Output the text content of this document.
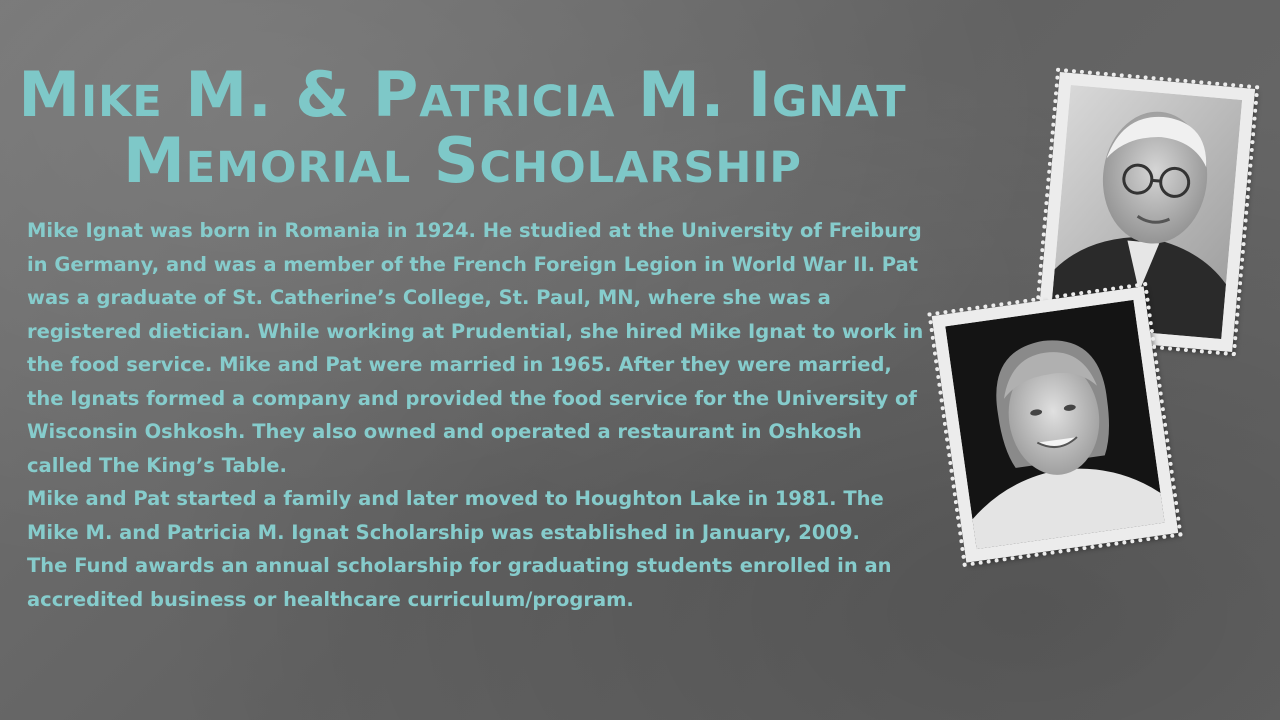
Mike M. & Patricia M. Ignat
Memorial Scholarship

Mike Ignat was born in Romania in 1924. He studied at the University of Freiburg in Germany, and was a member of the French Foreign Legion in World War II. Pat was a graduate of St. Catherine’s College, St. Paul, MN, where she was a registered dietician. While working at Prudential, she hired Mike Ignat to work in the food service. Mike and Pat were married in 1965. After they were married, the Ignats formed a company and provided the food service for the University of Wisconsin Oshkosh. They also owned and operated a restaurant in Oshkosh called The King’s Table.

Mike and Pat started a family and later moved to Houghton Lake in 1981. The Mike M. and Patricia M. Ignat Scholarship was established in January, 2009.

The Fund awards an annual scholarship for graduating students enrolled in an accredited business or healthcare curriculum/program.
